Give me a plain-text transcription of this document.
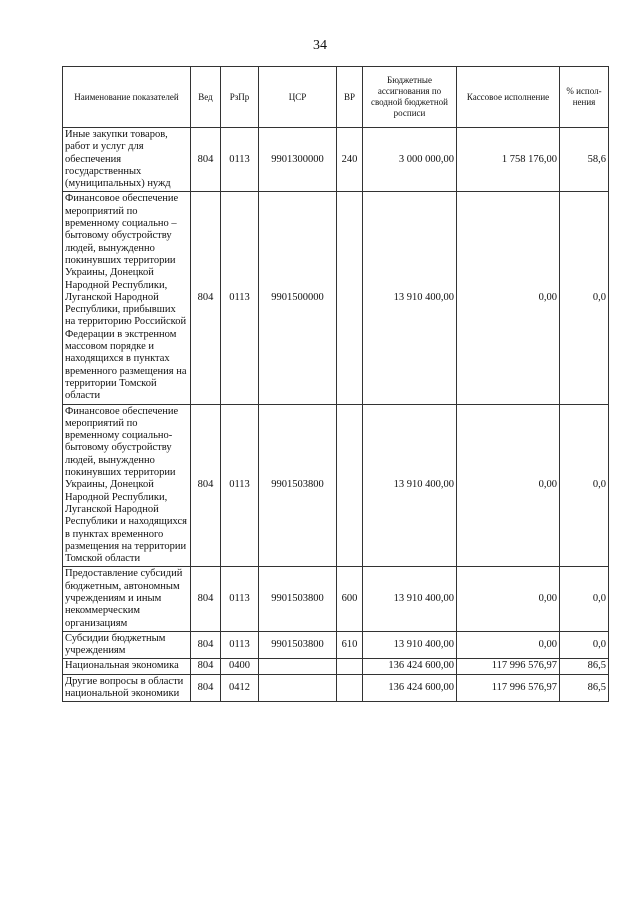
34
Наименование показателей	Вед	РзПр	ЦСР	ВР	Бюджетные ассигнования по сводной бюджетной росписи	Кассовое исполнение	% испол- нения
Иные закупки товаров, работ и услуг для обеспечения государственных (муниципальных) нужд	804	0113	9901300000	240	3 000 000,00	1 758 176,00	58,6
Финансовое обеспечение мероприятий по временному социально – бытовому обустройству людей, вынужденно покинувших территории Украины, Донецкой Народной Республики, Луганской Народной Республики, прибывших на территорию Российской Федерации в экстренном массовом порядке и находящихся в пунктах временного размещения на территории Томской области	804	0113	9901500000		13 910 400,00	0,00	0,0
Финансовое обеспечение мероприятий по временному социально-бытовому обустройству людей, вынужденно покинувших территории Украины, Донецкой Народной Республики, Луганской Народной Республики и находящихся в пунктах временного размещения на территории Томской области	804	0113	9901503800		13 910 400,00	0,00	0,0
Предоставление субсидий бюджетным, автономным учреждениям и иным некоммерческим организациям	804	0113	9901503800	600	13 910 400,00	0,00	0,0
Субсидии бюджетным учреждениям	804	0113	9901503800	610	13 910 400,00	0,00	0,0
Национальная экономика	804	0400			136 424 600,00	117 996 576,97	86,5
Другие вопросы в области национальной экономики	804	0412			136 424 600,00	117 996 576,97	86,5
